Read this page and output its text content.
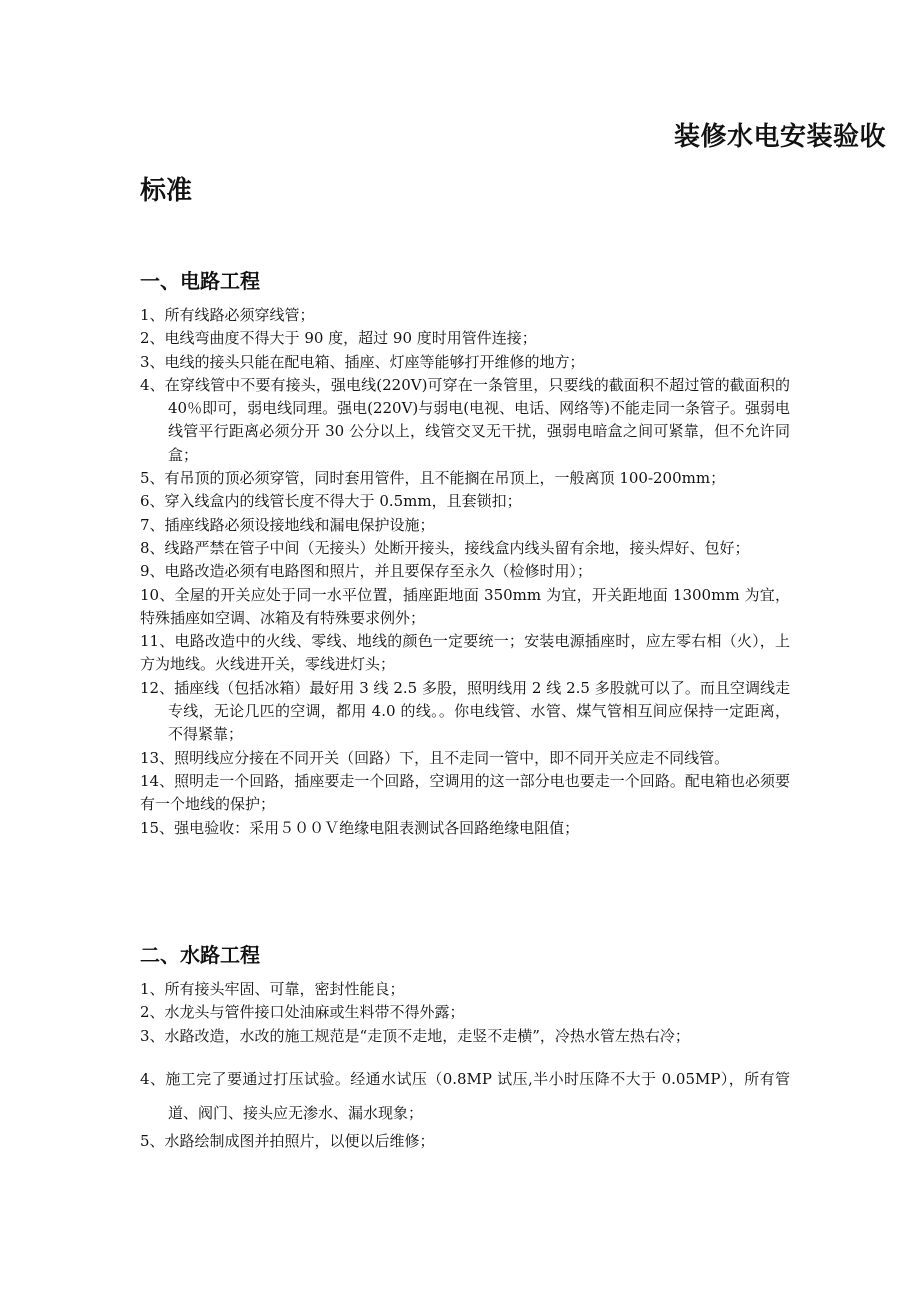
装修水电安装验收
标准
一、电路工程

1、所有线路必须穿线管；

2、电线弯曲度不得大于 90 度，超过 90 度时用管件连接；

3、电线的接头只能在配电箱、插座、灯座等能够打开维修的地方；

4、在穿线管中不要有接头，强电线(220V)可穿在一条管里，只要线的截面积不超过管的截面积的 40％即可，弱电线同理。强电(220V)与弱电(电视、电话、网络等)不能走同一条管子。强弱电线管平行距离必须分开 30 公分以上，线管交叉无干扰，强弱电暗盒之间可紧靠，但不允许同盒；

5、有吊顶的顶必须穿管，同时套用管件，且不能搁在吊顶上，一般离顶 100-200mm；

6、穿入线盒内的线管长度不得大于 0.5mm，且套锁扣；

7、插座线路必须设接地线和漏电保护设施；

8、线路严禁在管子中间（无接头）处断开接头，接线盒内线头留有余地，接头焊好、包好；

9、电路改造必须有电路图和照片，并且要保存至永久（检修时用）；

10、全屋的开关应处于同一水平位置，插座距地面 350mm 为宜，开关距地面 1300mm 为宜，特殊插座如空调、冰箱及有特殊要求例外；

11、电路改造中的火线、零线、地线的颜色一定要统一；安装电源插座时，应左零右相（火），上方为地线。火线进开关，零线进灯头；

12、插座线（包括冰箱）最好用 3 线 2.5 多股，照明线用 2 线 2.5 多股就可以了。而且空调线走专线，无论几匹的空调，都用 4.0 的线。。你电线管、水管、煤气管相互间应保持一定距离，不得紧靠；

13、照明线应分接在不同开关（回路）下，且不走同一管中，即不同开关应走不同线管。

14、照明走一个回路，插座要走一个回路，空调用的这一部分电也要走一个回路。配电箱也必须要有一个地线的保护；

15、强电验收：采用５００Ｖ绝缘电阻表测试各回路绝缘电阻值；

二、水路工程

1、所有接头牢固、可靠，密封性能良；

2、水龙头与管件接口处油麻或生料带不得外露；

3、水路改造，水改的施工规范是“走顶不走地，走竖不走横”，冷热水管左热右冷；

4、施工完了要通过打压试验。经通水试压（0.8MP 试压,半小时压降不大于 0.05MP），所有管道、阀门、接头应无渗水、漏水现象；

5、水路绘制成图并拍照片，以便以后维修；
